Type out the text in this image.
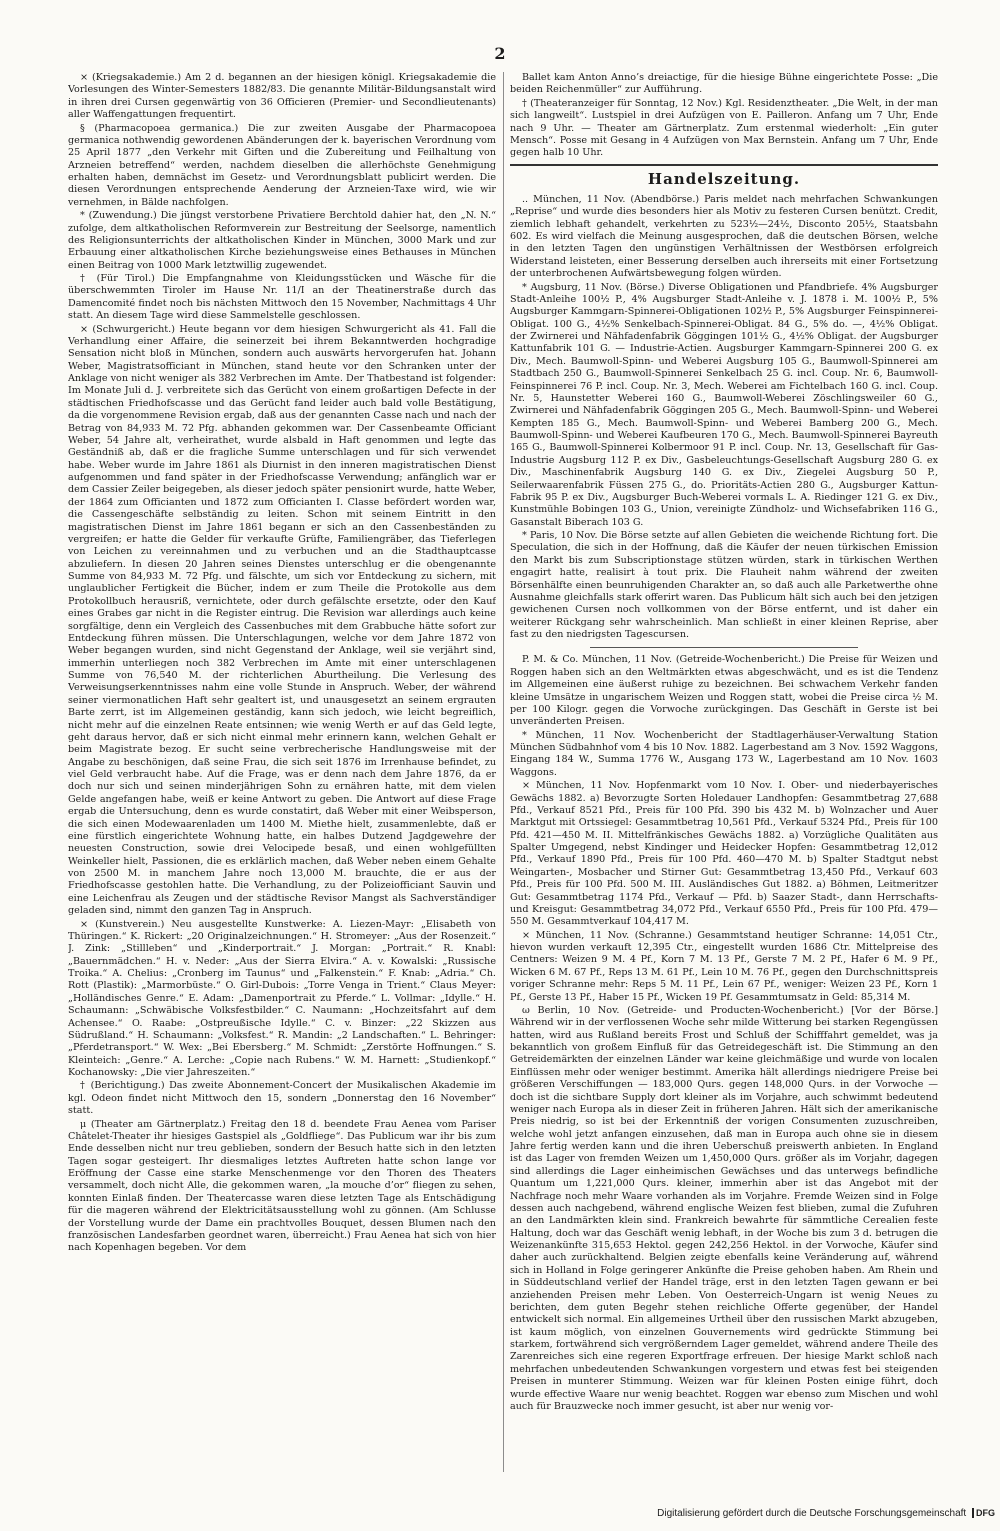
2

× (Kriegsakademie.) Am 2 d. begannen an der hiesigen königl. Kriegsakademie die Vorlesungen des Winter-Semesters 1882/83. Die genannte Militär-Bildungsanstalt wird in ihren drei Cursen gegenwärtig von 36 Officieren (Premier- und Secondlieutenants) aller Waffengattungen frequentirt.

§ (Pharmacopoea germanica.) Die zur zweiten Ausgabe der Pharmacopoea germanica nothwendig gewordenen Abänderungen der k. bayerischen Verordnung vom 25 April 1877 „den Verkehr mit Giften und die Zubereitung und Feilhaltung von Arzneien betreffend“ werden, nachdem dieselben die allerhöchste Genehmigung erhalten haben, demnächst im Gesetz- und Verordnungsblatt publicirt werden. Die diesen Verordnungen entsprechende Aenderung der Arzneien-Taxe wird, wie wir vernehmen, in Bälde nachfolgen.

* (Zuwendung.) Die jüngst verstorbene Privatiere Berchtold dahier hat, den „N. N.“ zufolge, dem altkatholischen Reformverein zur Bestreitung der Seelsorge, namentlich des Religionsunterrichts der altkatholischen Kinder in München, 3000 Mark und zur Erbauung einer altkatholischen Kirche beziehungsweise eines Bethauses in München einen Beitrag von 1000 Mark letztwillig zugewendet.

† (Für Tirol.) Die Empfangnahme von Kleidungsstücken und Wäsche für die überschwemmten Tiroler im Hause Nr. 11/I an der Theatinerstraße durch das Damencomité findet noch bis nächsten Mittwoch den 15 November, Nachmittags 4 Uhr statt. An diesem Tage wird diese Sammelstelle geschlossen.

× (Schwurgericht.) Heute begann vor dem hiesigen Schwurgericht als 41. Fall die Verhandlung einer Affaire, die seinerzeit bei ihrem Bekanntwerden hochgradige Sensation nicht bloß in München, sondern auch auswärts hervorgerufen hat. Johann Weber, Magistratsofficiant in München, stand heute vor den Schranken unter der Anklage von nicht weniger als 382 Verbrechen im Amte. Der Thatbestand ist folgender: Im Monate Juli d. J. verbreitete sich das Gerücht von einem großartigen Defecte in der städtischen Friedhofscasse und das Gerücht fand leider auch bald volle Bestätigung, da die vorgenommene Revision ergab, daß aus der genannten Casse nach und nach der Betrag von 84,933 M. 72 Pfg. abhanden gekommen war. Der Cassenbeamte Officiant Weber, 54 Jahre alt, verheirathet, wurde alsbald in Haft genommen und legte das Geständniß ab, daß er die fragliche Summe unterschlagen und für sich verwendet habe. Weber wurde im Jahre 1861 als Diurnist in den inneren magistratischen Dienst aufgenommen und fand später in der Friedhofscasse Verwendung; anfänglich war er dem Cassier Zeiler beigegeben, als dieser jedoch später pensionirt wurde, hatte Weber, der 1864 zum Officianten und 1872 zum Officianten I. Classe befördert worden war, die Cassengeschäfte selbständig zu leiten. Schon mit seinem Eintritt in den magistratischen Dienst im Jahre 1861 begann er sich an den Cassenbeständen zu vergreifen; er hatte die Gelder für verkaufte Grüfte, Familiengräber, das Tieferlegen von Leichen zu vereinnahmen und zu verbuchen und an die Stadthauptcasse abzuliefern. In diesen 20 Jahren seines Dienstes unterschlug er die obengenannte Summe von 84,933 M. 72 Pfg. und fälschte, um sich vor Entdeckung zu sichern, mit unglaublicher Fertigkeit die Bücher, indem er zum Theile die Protokolle aus dem Protokollbuch herausriß, vernichtete, oder durch gefälschte ersetzte, oder den Kauf eines Grabes gar nicht in die Register eintrug. Die Revision war allerdings auch keine sorgfältige, denn ein Vergleich des Cassenbuches mit dem Grabbuche hätte sofort zur Entdeckung führen müssen. Die Unterschlagungen, welche vor dem Jahre 1872 von Weber begangen wurden, sind nicht Gegenstand der Anklage, weil sie verjährt sind, immerhin unterliegen noch 382 Verbrechen im Amte mit einer unterschlagenen Summe von 76,540 M. der richterlichen Aburtheilung. Die Verlesung des Verweisungserkenntnisses nahm eine volle Stunde in Anspruch. Weber, der während seiner viermonatlichen Haft sehr gealtert ist, und unausgesetzt an seinem ergrauten Barte zerrt, ist im Allgemeinen geständig, kann sich jedoch, wie leicht begreiflich, nicht mehr auf die einzelnen Reate entsinnen; wie wenig Werth er auf das Geld legte, geht daraus hervor, daß er sich nicht einmal mehr erinnern kann, welchen Gehalt er beim Magistrate bezog. Er sucht seine verbrecherische Handlungsweise mit der Angabe zu beschönigen, daß seine Frau, die sich seit 1876 im Irrenhause befindet, zu viel Geld verbraucht habe. Auf die Frage, was er denn nach dem Jahre 1876, da er doch nur sich und seinen minderjährigen Sohn zu ernähren hatte, mit dem vielen Gelde angefangen habe, weiß er keine Antwort zu geben. Die Antwort auf diese Frage ergab die Untersuchung, denn es wurde constatirt, daß Weber mit einer Weibsperson, die sich einen Modewaarenladen um 1400 M. Miethe hielt, zusammenlebte, daß er eine fürstlich eingerichtete Wohnung hatte, ein halbes Dutzend Jagdgewehre der neuesten Construction, sowie drei Velocipede besaß, und einen wohlgefüllten Weinkeller hielt, Passionen, die es erklärlich machen, daß Weber neben einem Gehalte von 2500 M. in manchem Jahre noch 13,000 M. brauchte, die er aus der Friedhofscasse gestohlen hatte. Die Verhandlung, zu der Polizeiofficiant Sauvin und eine Leichenfrau als Zeugen und der städtische Revisor Mangst als Sachverständiger geladen sind, nimmt den ganzen Tag in Anspruch.

× (Kunstverein.) Neu ausgestellte Kunstwerke: A. Liezen-Mayr: „Elisabeth von Thüringen.“ K. Rickert: „20 Originalzeichnungen.“ H. Stromeyer: „Aus der Rosenzeit.“ J. Zink: „Stillleben“ und „Kinderportrait.“ J. Morgan: „Portrait.“ R. Knabl: „Bauernmädchen.“ H. v. Neder: „Aus der Sierra Elvira.“ A. v. Kowalski: „Russische Troika.“ A. Chelius: „Cronberg im Taunus“ und „Falkenstein.“ F. Knab: „Adria.“ Ch. Rott (Plastik): „Marmorbüste.“ O. Girl-Dubois: „Torre Venga in Trient.“ Claus Meyer: „Holländisches Genre.“ E. Adam: „Damenportrait zu Pferde.“ L. Vollmar: „Idylle.“ H. Schaumann: „Schwäbische Volksfestbilder.“ C. Naumann: „Hochzeitsfahrt auf dem Achensee.“ O. Raabe: „Ostpreußische Idylle.“ C. v. Binzer: „22 Skizzen aus Südrußland.“ H. Schaumann: „Volksfest.“ R. Mandin: „2 Landschaften.“ L. Behringer: „Pferdetransport.“ W. Wex: „Bei Ebersberg.“ M. Schmidt: „Zerstörte Hoffnungen.“ S. Kleinteich: „Genre.“ A. Lerche: „Copie nach Rubens.“ W. M. Harnett: „Studienkopf.“ Kochanowsky: „Die vier Jahreszeiten.“

† (Berichtigung.) Das zweite Abonnement-Concert der Musikalischen Akademie im kgl. Odeon findet nicht Mittwoch den 15, sondern „Donnerstag den 16 November“ statt.

μ (Theater am Gärtnerplatz.) Freitag den 18 d. beendete Frau Aenea vom Pariser Châtelet-Theater ihr hiesiges Gastspiel als „Goldfliege“. Das Publicum war ihr bis zum Ende desselben nicht nur treu geblieben, sondern der Besuch hatte sich in den letzten Tagen sogar gesteigert. Ihr diesmaliges letztes Auftreten hatte schon lange vor Eröffnung der Casse eine starke Menschenmenge vor den Thoren des Theaters versammelt, doch nicht Alle, die gekommen waren, „la mouche d’or“ fliegen zu sehen, konnten Einlaß finden. Der Theatercasse waren diese letzten Tage als Entschädigung für die mageren während der Elektricitätsausstellung wohl zu gönnen. (Am Schlusse der Vorstellung wurde der Dame ein prachtvolles Bouquet, dessen Blumen nach den französischen Landesfarben geordnet waren, überreicht.) Frau Aenea hat sich von hier nach Kopenhagen begeben. Vor dem

Ballet kam Anton Anno’s dreiactige, für die hiesige Bühne eingerichtete Posse: „Die beiden Reichenmüller“ zur Aufführung.

† (Theateranzeiger für Sonntag, 12 Nov.) Kgl. Residenztheater. „Die Welt, in der man sich langweilt“. Lustspiel in drei Aufzügen von E. Pailleron. Anfang um 7 Uhr, Ende nach 9 Uhr. — Theater am Gärtnerplatz. Zum erstenmal wiederholt: „Ein guter Mensch“. Posse mit Gesang in 4 Aufzügen von Max Bernstein. Anfang um 7 Uhr, Ende gegen halb 10 Uhr.

Handelszeitung.

.. München, 11 Nov. (Abendbörse.) Paris meldet nach mehrfachen Schwankungen „Reprise“ und wurde dies besonders hier als Motiv zu festeren Cursen benützt. Credit, ziemlich lebhaft gehandelt, verkehrten zu 523½—24½, Disconto 205½, Staatsbahn 602. Es wird vielfach die Meinung ausgesprochen, daß die deutschen Börsen, welche in den letzten Tagen den ungünstigen Verhältnissen der Westbörsen erfolgreich Widerstand leisteten, einer Besserung derselben auch ihrerseits mit einer Fortsetzung der unterbrochenen Aufwärtsbewegung folgen würden.

* Augsburg, 11 Nov. (Börse.) Diverse Obligationen und Pfandbriefe. 4% Augsburger Stadt-Anleihe 100½ P., 4% Augsburger Stadt-Anleihe v. J. 1878 i. M. 100½ P., 5% Augsburger Kammgarn-Spinnerei-Obligationen 102½ P., 5% Augsburger Feinspinnerei-Obligat. 100 G., 4½% Senkelbach-Spinnerei-Obligat. 84 G., 5% do. —, 4½% Obligat. der Zwirnerei und Nähfadenfabrik Göggingen 101½ G., 4½% Obligat. der Augsburger Kattunfabrik 101 G. — Industrie-Actien. Augsburger Kammgarn-Spinnerei 200 G. ex Div., Mech. Baumwoll-Spinn- und Weberei Augsburg 105 G., Baumwoll-Spinnerei am Stadtbach 250 G., Baumwoll-Spinnerei Senkelbach 25 G. incl. Coup. Nr. 6, Baumwoll-Feinspinnerei 76 P. incl. Coup. Nr. 3, Mech. Weberei am Fichtelbach 160 G. incl. Coup. Nr. 5, Haunstetter Weberei 160 G., Baumwoll-Weberei Zöschlingsweiler 60 G., Zwirnerei und Nähfadenfabrik Göggingen 205 G., Mech. Baumwoll-Spinn- und Weberei Kempten 185 G., Mech. Baumwoll-Spinn- und Weberei Bamberg 200 G., Mech. Baumwoll-Spinn- und Weberei Kaufbeuren 170 G., Mech. Baumwoll-Spinnerei Bayreuth 165 G., Baumwoll-Spinnerei Kolbermoor 91 P. incl. Coup. Nr. 13, Gesellschaft für Gas-Industrie Augsburg 112 P. ex Div., Gasbeleuchtungs-Gesellschaft Augsburg 280 G. ex Div., Maschinenfabrik Augsburg 140 G. ex Div., Ziegelei Augsburg 50 P., Seilerwaarenfabrik Füssen 275 G., do. Prioritäts-Actien 280 G., Augsburger Kattun-Fabrik 95 P. ex Div., Augsburger Buch-Weberei vormals L. A. Riedinger 121 G. ex Div., Kunstmühle Bobingen 103 G., Union, vereinigte Zündholz- und Wichsefabriken 116 G., Gasanstalt Biberach 103 G.

* Paris, 10 Nov. Die Börse setzte auf allen Gebieten die weichende Richtung fort. Die Speculation, die sich in der Hoffnung, daß die Käufer der neuen türkischen Emission den Markt bis zum Subscriptionstage stützen würden, stark in türkischen Werthen engagirt hatte, realisirt à tout prix. Die Flauheit nahm während der zweiten Börsenhälfte einen beunruhigenden Charakter an, so daß auch alle Parketwerthe ohne Ausnahme gleichfalls stark offerirt waren. Das Publicum hält sich auch bei den jetzigen gewichenen Cursen noch vollkommen von der Börse entfernt, und ist daher ein weiterer Rückgang sehr wahrscheinlich. Man schließt in einer kleinen Reprise, aber fast zu den niedrigsten Tagescursen.

P. M. & Co. München, 11 Nov. (Getreide-Wochenbericht.) Die Preise für Weizen und Roggen haben sich an den Weltmärkten etwas abgeschwächt, und es ist die Tendenz im Allgemeinen eine äußerst ruhige zu bezeichnen. Bei schwachem Verkehr fanden kleine Umsätze in ungarischem Weizen und Roggen statt, wobei die Preise circa ½ M. per 100 Kilogr. gegen die Vorwoche zurückgingen. Das Geschäft in Gerste ist bei unveränderten Preisen.

* München, 11 Nov. Wochenbericht der Stadtlagerhäuser-Verwaltung Station München Südbahnhof vom 4 bis 10 Nov. 1882. Lagerbestand am 3 Nov. 1592 Waggons, Eingang 184 W., Summa 1776 W., Ausgang 173 W., Lagerbestand am 10 Nov. 1603 Waggons.

× München, 11 Nov. Hopfenmarkt vom 10 Nov. I. Ober- und niederbayerisches Gewächs 1882. a) Bevorzugte Sorten Holedauer Landhopfen: Gesammtbetrag 27,688 Pfd., Verkauf 8521 Pfd., Preis für 100 Pfd. 390 bis 432 M. b) Wolnzacher und Auer Marktgut mit Ortssiegel: Gesammtbetrag 10,561 Pfd., Verkauf 5324 Pfd., Preis für 100 Pfd. 421—450 M. II. Mittelfränkisches Gewächs 1882. a) Vorzügliche Qualitäten aus Spalter Umgegend, nebst Kindinger und Heidecker Hopfen: Gesammtbetrag 12,012 Pfd., Verkauf 1890 Pfd., Preis für 100 Pfd. 460—470 M. b) Spalter Stadtgut nebst Weingarten-, Mosbacher und Stirner Gut: Gesammtbetrag 13,450 Pfd., Verkauf 603 Pfd., Preis für 100 Pfd. 500 M. III. Ausländisches Gut 1882. a) Böhmen, Leitmeritzer Gut: Gesammtbetrag 1174 Pfd., Verkauf — Pfd. b) Saazer Stadt-, dann Herrschafts- und Kreisgut: Gesammtbetrag 34,072 Pfd., Verkauf 6550 Pfd., Preis für 100 Pfd. 479—550 M. Gesammtverkauf 104,417 M.

× München, 11 Nov. (Schranne.) Gesammtstand heutiger Schranne: 14,051 Ctr., hievon wurden verkauft 12,395 Ctr., eingestellt wurden 1686 Ctr. Mittelpreise des Centners: Weizen 9 M. 4 Pf., Korn 7 M. 13 Pf., Gerste 7 M. 2 Pf., Hafer 6 M. 9 Pf., Wicken 6 M. 67 Pf., Reps 13 M. 61 Pf., Lein 10 M. 76 Pf., gegen den Durchschnittspreis voriger Schranne mehr: Reps 5 M. 11 Pf., Lein 67 Pf., weniger: Weizen 23 Pf., Korn 1 Pf., Gerste 13 Pf., Haber 15 Pf., Wicken 19 Pf. Gesammtumsatz in Geld: 85,314 M.

ω Berlin, 10 Nov. (Getreide- und Producten-Wochenbericht.) [Vor der Börse.] Während wir in der verflossenen Woche sehr milde Witterung bei starken Regengüssen hatten, wird aus Rußland bereits Frost und Schluß der Schifffahrt gemeldet, was ja bekanntlich von großem Einfluß für das Getreidegeschäft ist. Die Stimmung an den Getreidemärkten der einzelnen Länder war keine gleichmäßige und wurde von localen Einflüssen mehr oder weniger bestimmt. Amerika hält allerdings niedrigere Preise bei größeren Verschiffungen — 183,000 Qurs. gegen 148,000 Qurs. in der Vorwoche — doch ist die sichtbare Supply dort kleiner als im Vorjahre, auch schwimmt bedeutend weniger nach Europa als in dieser Zeit in früheren Jahren. Hält sich der amerikanische Preis niedrig, so ist bei der Erkenntniß der vorigen Consumenten zuzuschreiben, welche wohl jetzt anfangen einzusehen, daß man in Europa auch ohne sie in diesem Jahre fertig werden kann und die ihren Ueberschuß preiswerth anbieten. In England ist das Lager von fremden Weizen um 1,450,000 Qurs. größer als im Vorjahr, dagegen sind allerdings die Lager einheimischen Gewächses und das unterwegs befindliche Quantum um 1,221,000 Qurs. kleiner, immerhin aber ist das Angebot mit der Nachfrage noch mehr Waare vorhanden als im Vorjahre. Fremde Weizen sind in Folge dessen auch nachgebend, während englische Weizen fest blieben, zumal die Zufuhren an den Landmärkten klein sind. Frankreich bewahrte für sämmtliche Cerealien feste Haltung, doch war das Geschäft wenig lebhaft, in der Woche bis zum 3 d. betrugen die Weizenankünfte 315,653 Hektol. gegen 242,256 Hektol. in der Vorwoche, Käufer sind daher auch zurückhaltend. Belgien zeigte ebenfalls keine Veränderung auf, während sich in Holland in Folge geringerer Ankünfte die Preise gehoben haben. Am Rhein und in Süddeutschland verlief der Handel träge, erst in den letzten Tagen gewann er bei anziehenden Preisen mehr Leben. Von Oesterreich-Ungarn ist wenig Neues zu berichten, dem guten Begehr stehen reichliche Offerte gegenüber, der Handel entwickelt sich normal. Ein allgemeines Urtheil über den russischen Markt abzugeben, ist kaum möglich, von einzelnen Gouvernements wird gedrückte Stimmung bei starkem, fortwährend sich vergrößerndem Lager gemeldet, während andere Theile des Zarenreiches sich eine regeren Exportfrage erfreuen. Der hiesige Markt schloß nach mehrfachen unbedeutenden Schwankungen vorgestern und etwas fest bei steigenden Preisen in munterer Stimmung. Weizen war für kleinen Posten einige führt, doch wurde effective Waare nur wenig beachtet. Roggen war ebenso zum Mischen und wohl auch für Brauzwecke noch immer gesucht, ist aber nur wenig vor-

Digitalisierung gefördert durch die Deutsche Forschungsgemeinschaft DFG
